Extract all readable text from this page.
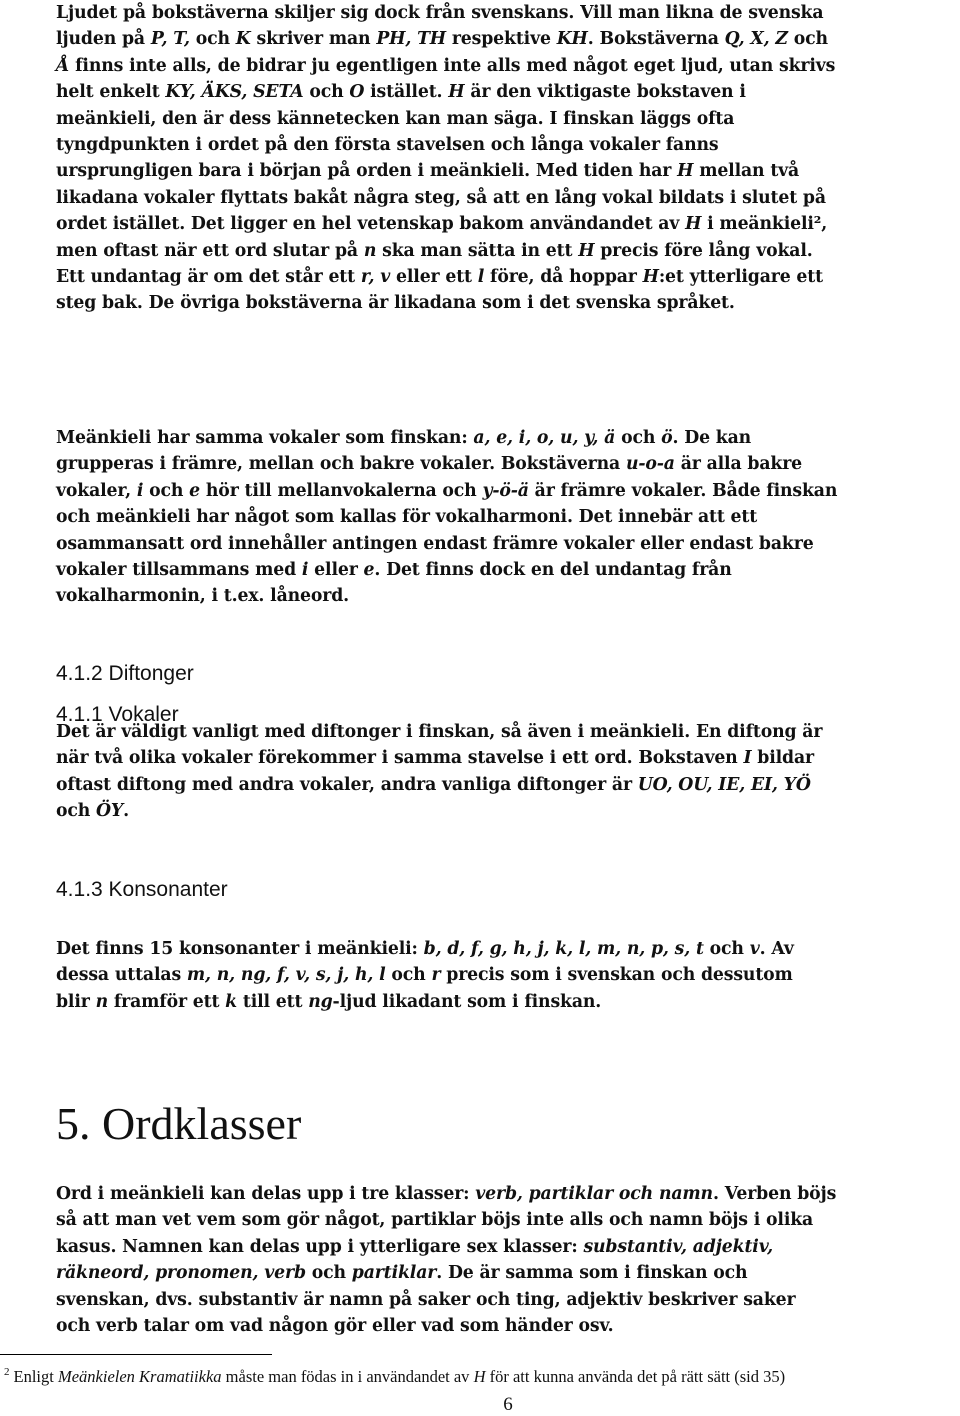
Ljudet på bokstäverna skiljer sig dock från svenskans. Vill man likna de svenska
ljuden på P, T, och K skriver man PH, TH respektive KH. Bokstäverna Q, X, Z och
Å finns inte alls, de bidrar ju egentligen inte alls med något eget ljud, utan skrivs
helt enkelt KY, ÄKS, SETA och O istället. H är den viktigaste bokstaven i
meänkieli, den är dess kännetecken kan man säga. I finskan läggs ofta
tyngdpunkten i ordet på den första stavelsen och långa vokaler fanns
ursprungligen bara i början på orden i meänkieli. Med tiden har H mellan två
likadana vokaler flyttats bakåt några steg, så att en lång vokal bildats i slutet på
ordet istället. Det ligger en hel vetenskap bakom användandet av H i meänkieli²,
men oftast när ett ord slutar på n ska man sätta in ett H precis före lång vokal.
Ett undantag är om det står ett r, v eller ett l före, då hoppar H:et ytterligare ett
steg bak. De övriga bokstäverna är likadana som i det svenska språket.
4.1.1 Vokaler
Meänkieli har samma vokaler som finskan: a, e, i, o, u, y, ä och ö. De kan
grupperas i främre, mellan och bakre vokaler. Bokstäverna u-o-a är alla bakre
vokaler, i och e hör till mellanvokalerna och y-ö-ä är främre vokaler. Både finskan
och meänkieli har något som kallas för vokalharmoni. Det innebär att ett
osammansatt ord innehåller antingen endast främre vokaler eller endast bakre
vokaler tillsammans med i eller e. Det finns dock en del undantag från
vokalharmonin, i t.ex. låneord.
4.1.2 Diftonger
Det är väldigt vanligt med diftonger i finskan, så även i meänkieli. En diftong är
när två olika vokaler förekommer i samma stavelse i ett ord. Bokstaven I bildar
oftast diftong med andra vokaler, andra vanliga diftonger är UO, OU, IE, EI, YÖ
och ÖY.
4.1.3 Konsonanter
Det finns 15 konsonanter i meänkieli: b, d, f, g, h, j, k, l, m, n, p, s, t och v. Av
dessa uttalas m, n, ng, f, v, s, j, h, l och r precis som i svenskan och dessutom
blir n framför ett k till ett ng-ljud likadant som i finskan.
5. Ordklasser
Ord i meänkieli kan delas upp i tre klasser: verb, partiklar och namn. Verben böjs
så att man vet vem som gör något, partiklar böjs inte alls och namn böjs i olika
kasus. Namnen kan delas upp i ytterligare sex klasser: substantiv, adjektiv,
räkneord, pronomen, verb och partiklar. De är samma som i finskan och
svenskan, dvs. substantiv är namn på saker och ting, adjektiv beskriver saker
och verb talar om vad någon gör eller vad som händer osv.

$^2$ Enligt Meänkielen Kramatiikka måste man födas in i användandet av H för att kunna använda det på rätt sätt (sid 35)

6
